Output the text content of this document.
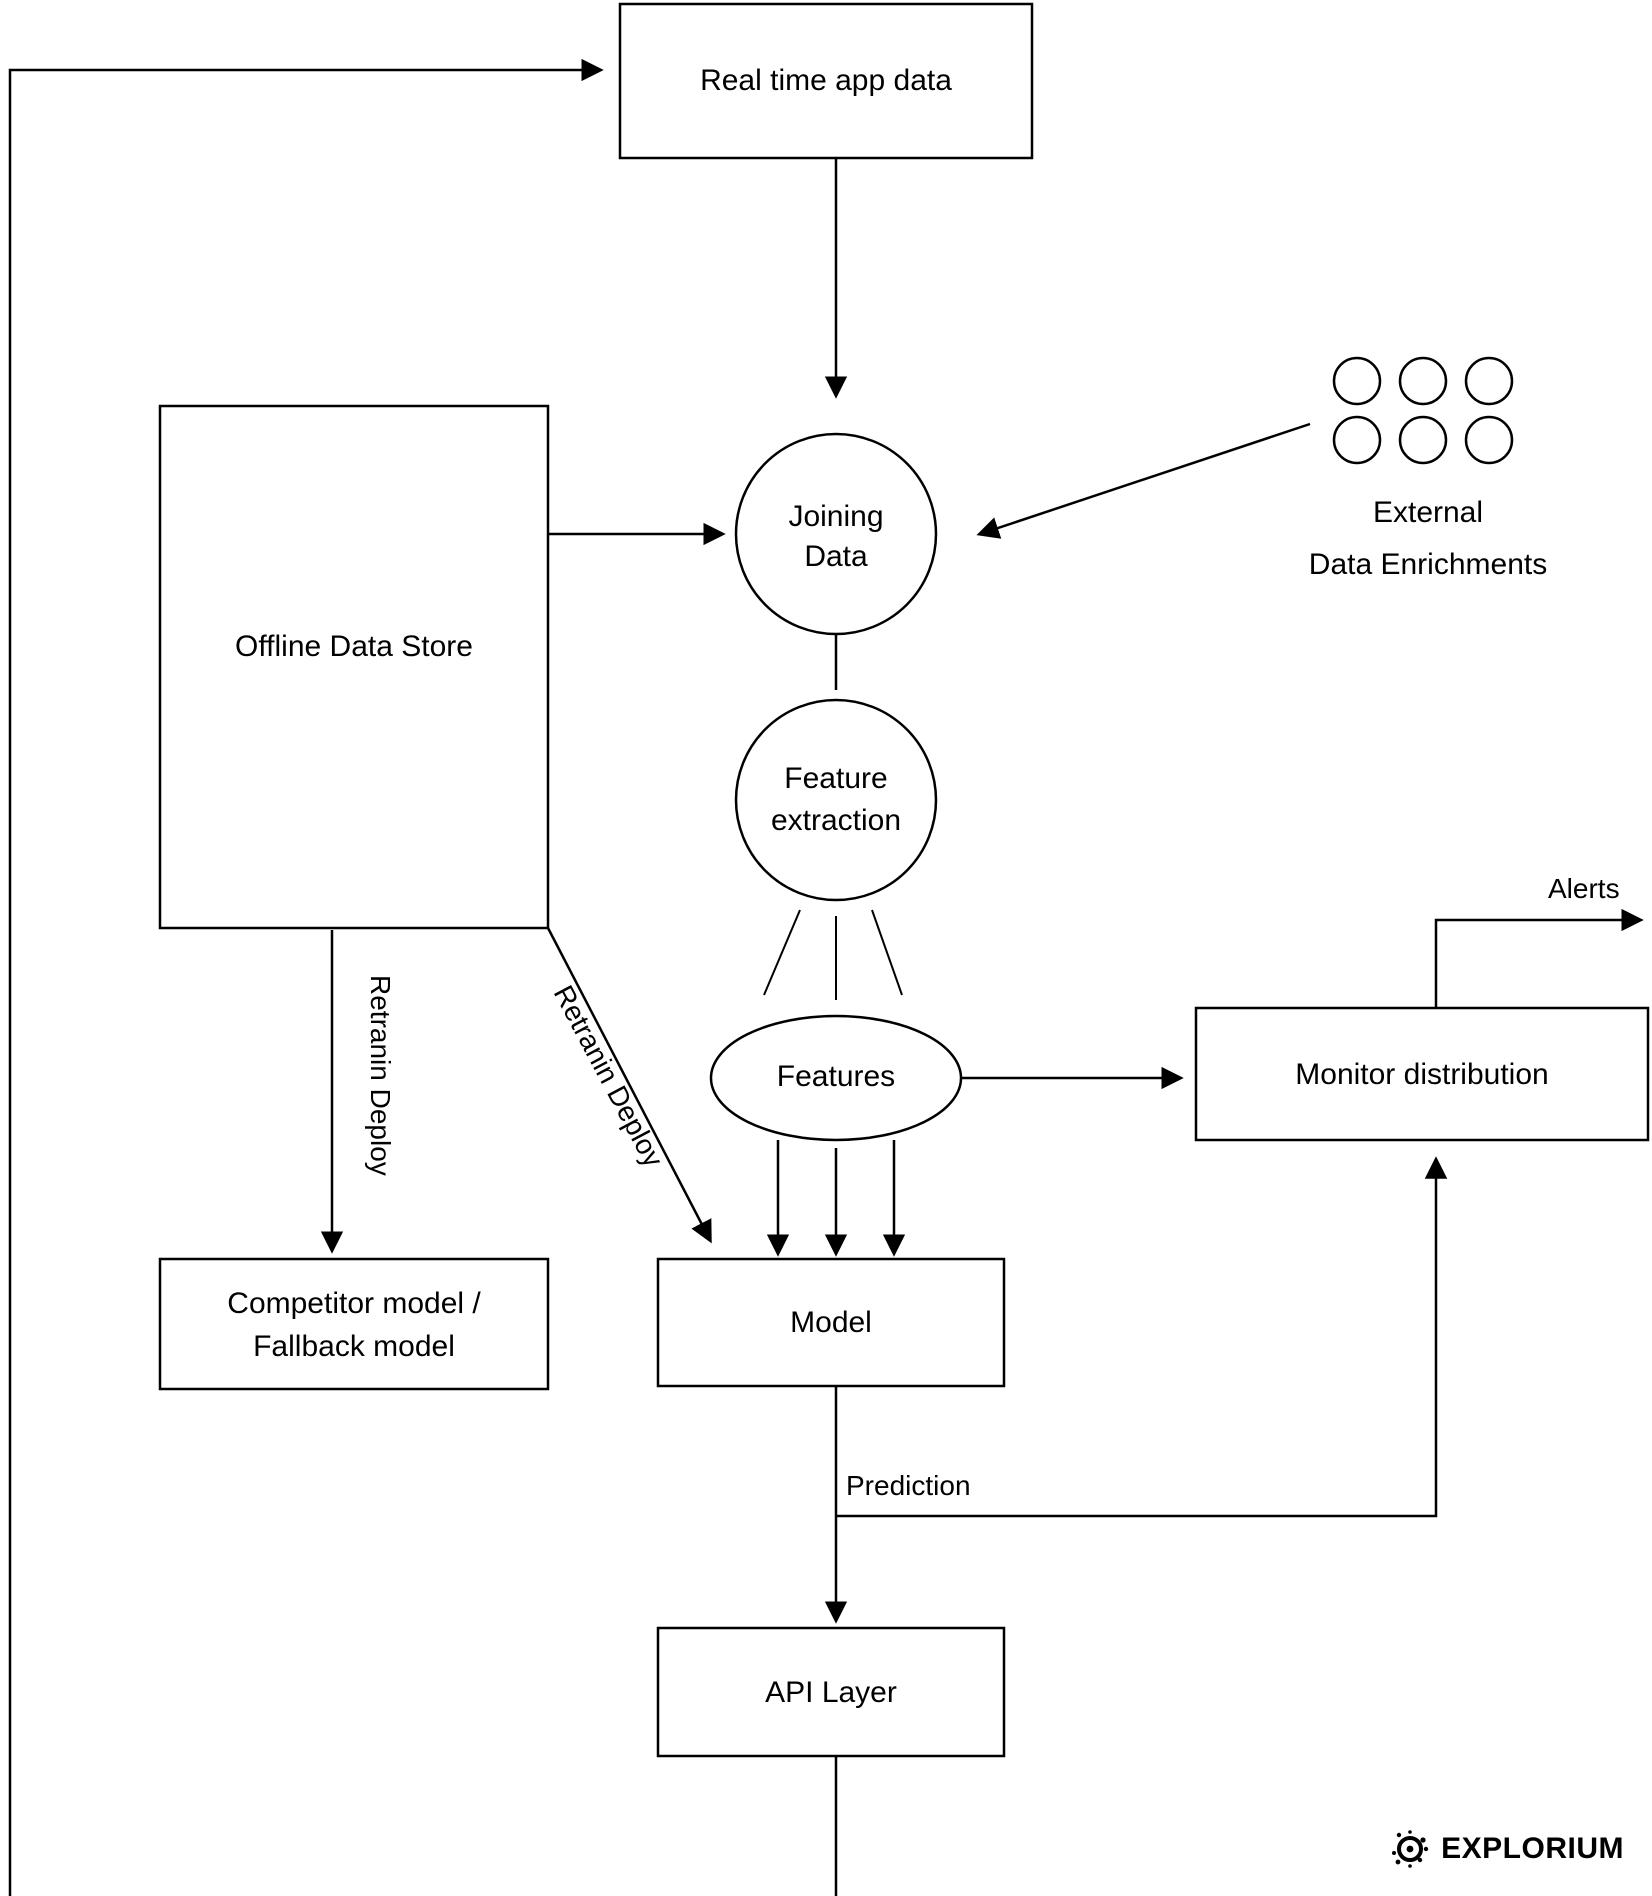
Real time app data
Offline Data Store
Joining
Data
Feature
extraction
Features	Monitor distribution
Competitor model /
Fallback model
Model
API Layer
External
Data Enrichments
Retranin Deploy	Retranin Deploy
Prediction
Alerts
EXPLORIUM
